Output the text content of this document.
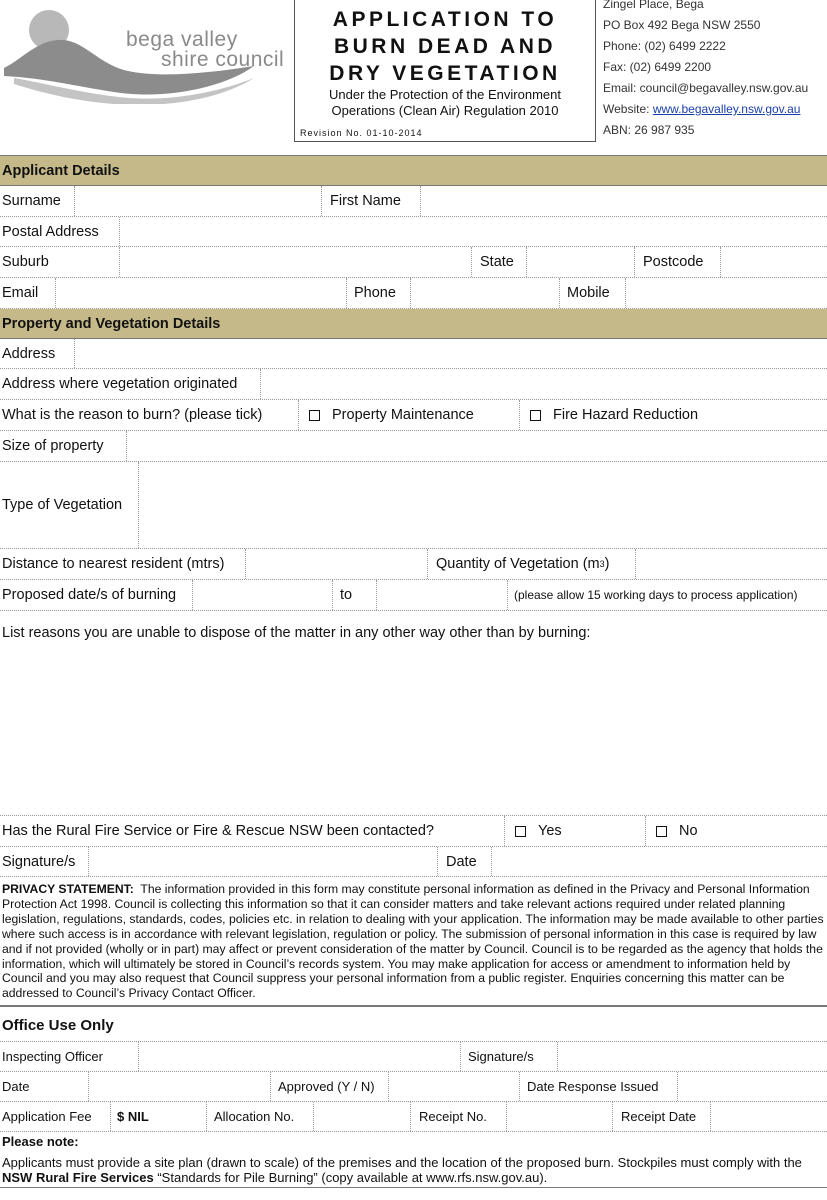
bega valley
shire council
APPLICATION TO
BURN DEAD AND
DRY VEGETATION
Under the Protection of the Environment
Operations (Clean Air) Regulation 2010
Revision No. 01-10-2014
Zingel Place, Bega
PO Box 492 Bega NSW 2550
Phone: (02) 6499 2222
Fax: (02) 6499 2200
Email: council@begavalley.nsw.gov.au
Website: www.begavalley.nsw.gov.au
ABN: 26 987 935
Applicant Details
Surname	First Name
Postal Address
Suburb	State	Postcode
Email	Phone	Mobile
Property and Vegetation Details
Address
Address where vegetation originated
What is the reason to burn? (please tick)	Property Maintenance	Fire Hazard Reduction
Size of property
Type of Vegetation
Distance to nearest resident (mtrs)	Quantity of Vegetation (m 3 )
Proposed date/s of burning	to	(please allow 15 working days to process application)
List reasons you are unable to dispose of the matter in any other way other than by burning:
Has the Rural Fire Service or Fire & Rescue NSW been contacted?	Yes	No
Signature/s	Date
PRIVACY STATEMENT: The information provided in this form may constitute personal information as defined in the Privacy and Personal Information Protection Act 1998. Council is collecting this information so that it can consider matters and take relevant actions required under related planning legislation, regulations, standards, codes, policies etc. in relation to dealing with your application. The information may be made available to other parties where such access is in accordance with relevant legislation, regulation or policy. The submission of personal information in this case is required by law and if not provided (wholly or in part) may affect or prevent consideration of the matter by Council. Council is to be regarded as the agency that holds the information, which will ultimately be stored in Council’s records system. You may make application for access or amendment to information held by Council and you may also request that Council suppress your personal information from a public register. Enquiries concerning this matter can be addressed to Council’s Privacy Contact Officer.
Office Use Only
Inspecting Officer	Signature/s
Date	Approved (Y / N)	Date Response Issued
Application Fee	$ NIL	Allocation No.	Receipt No.	Receipt Date
Please note:
Applicants must provide a site plan (drawn to scale) of the premises and the location of the proposed burn. Stockpiles must comply with the NSW Rural Fire Services “Standards for Pile Burning” (copy available at www.rfs.nsw.gov.au).
